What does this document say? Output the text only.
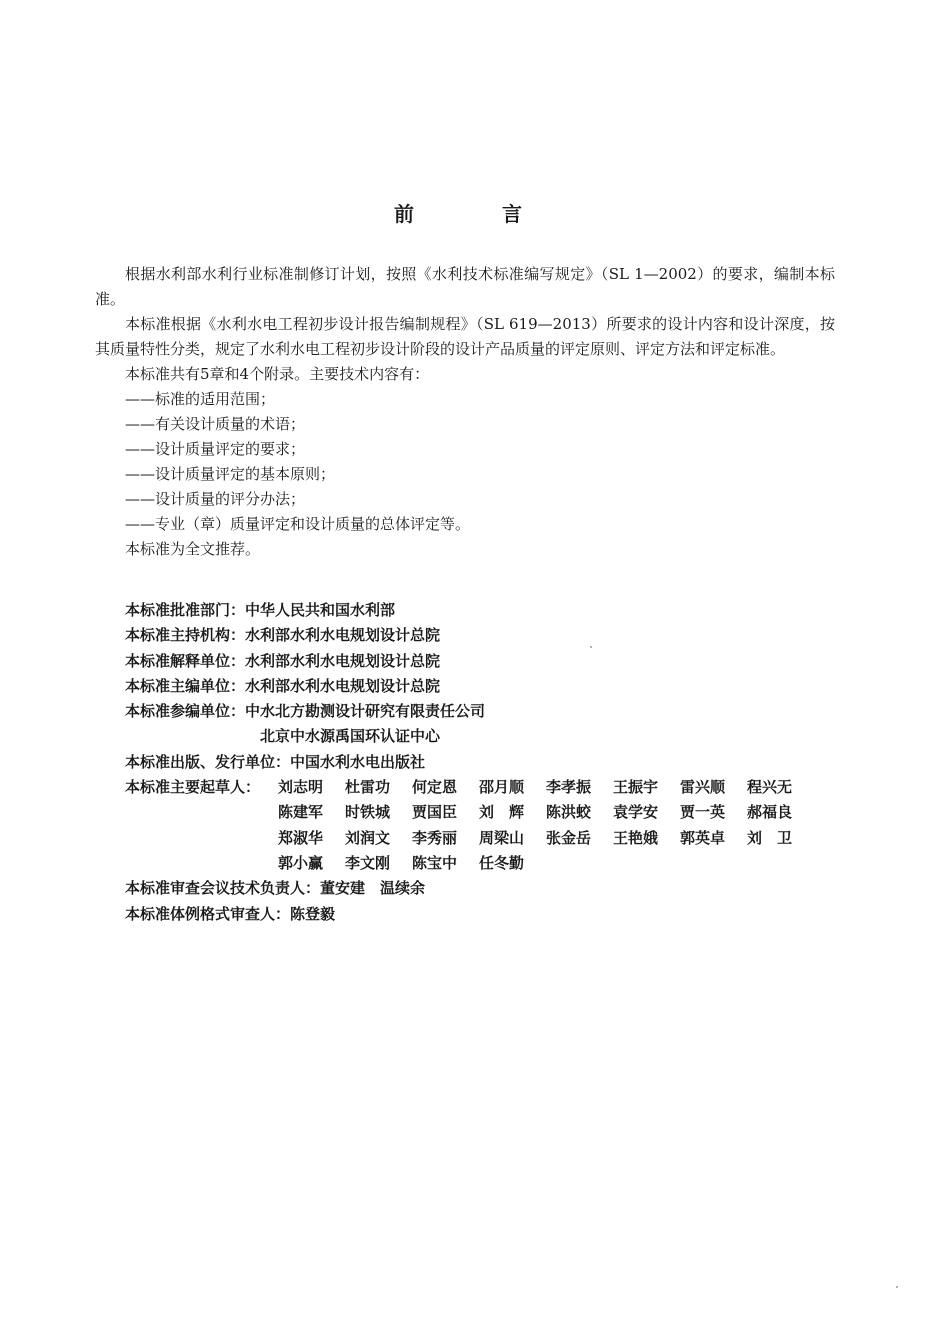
前　言

根据水利部水利行业标准制修订计划，按照《水利技术标准编写规定》（SL 1—2002）的要求，编制本标准。

本标准根据《水利水电工程初步设计报告编制规程》（SL 619—2013）所要求的设计内容和设计深度，按其质量特性分类，规定了水利水电工程初步设计阶段的设计产品质量的评定原则、评定方法和评定标准。

本标准共有5章和4个附录。主要技术内容有：

——标准的适用范围；

——有关设计质量的术语；

——设计质量评定的要求；

——设计质量评定的基本原则；

——设计质量的评分办法；

——专业（章）质量评定和设计质量的总体评定等。

本标准为全文推荐。

本标准批准部门：中华人民共和国水利部
本标准主持机构：水利部水利水电规划设计总院
本标准解释单位：水利部水利水电规划设计总院
本标准主编单位：水利部水利水电规划设计总院
本标准参编单位：中水北方勘测设计研究有限责任公司
北京中水源禹国环认证中心
本标准出版、发行单位：中国水利水电出版社
本标准主要起草人： 刘志明	杜雷功	何定恩	邵月顺	李孝振	王振宇	雷兴顺	程兴无
陈建军	时铁城	贾国臣	刘　辉	陈洪蛟	袁学安	贾一英	郝福良
郑淑华	刘润文	李秀丽	周梁山	张金岳	王艳娥	郭英卓	刘　卫
郭小赢	李文刚	陈宝中	任冬勤
本标准审查会议技术负责人：董安建　温续余
本标准体例格式审查人：陈登毅
